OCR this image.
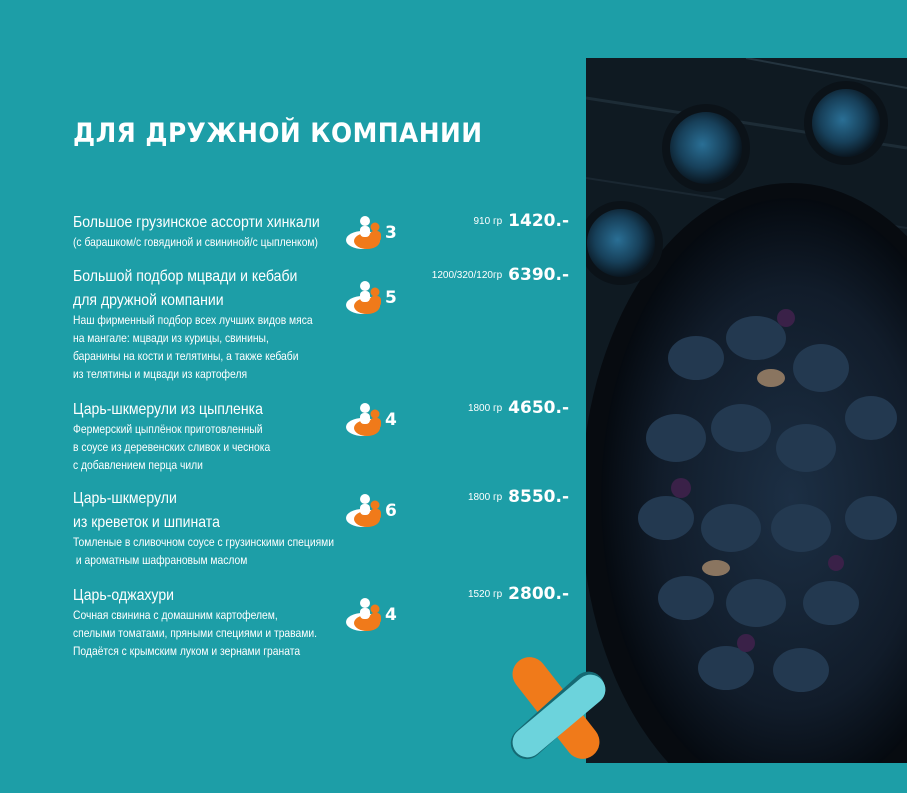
ДЛЯ ДРУЖНОЙ КОМПАНИИ
Большое грузинское ассорти хинкали
(с барашком/с говядиной и свининой/с цыпленком)	3
910 гр 1420.-
Большой подбор мцвади и кебаби
для дружной компании
Наш фирменный подбор всех лучших видов мяса
на мангале: мцвади из курицы, свинины,
баранины на кости и телятины, а также кебаби
из телятины и мцвади из картофеля
5
1200/320/120гр 6390.-
Царь-шкмерули из цыпленка
Фермерский цыплёнок приготовленный
в соусе из деревенских сливок и чеснока
с добавлением перца чили
4
1800 гр 4650.-
Царь-шкмерули
из креветок и шпината
Томленые в сливочном соусе с грузинскими специями
и ароматным шафрановым маслом
6
1800 гр 8550.-
Царь-оджахури
Сочная свинина с домашним картофелем,
спелыми томатами, пряными специями и травами.
Подаётся с крымским луком и зернами граната
4
1520 гр 2800.-
